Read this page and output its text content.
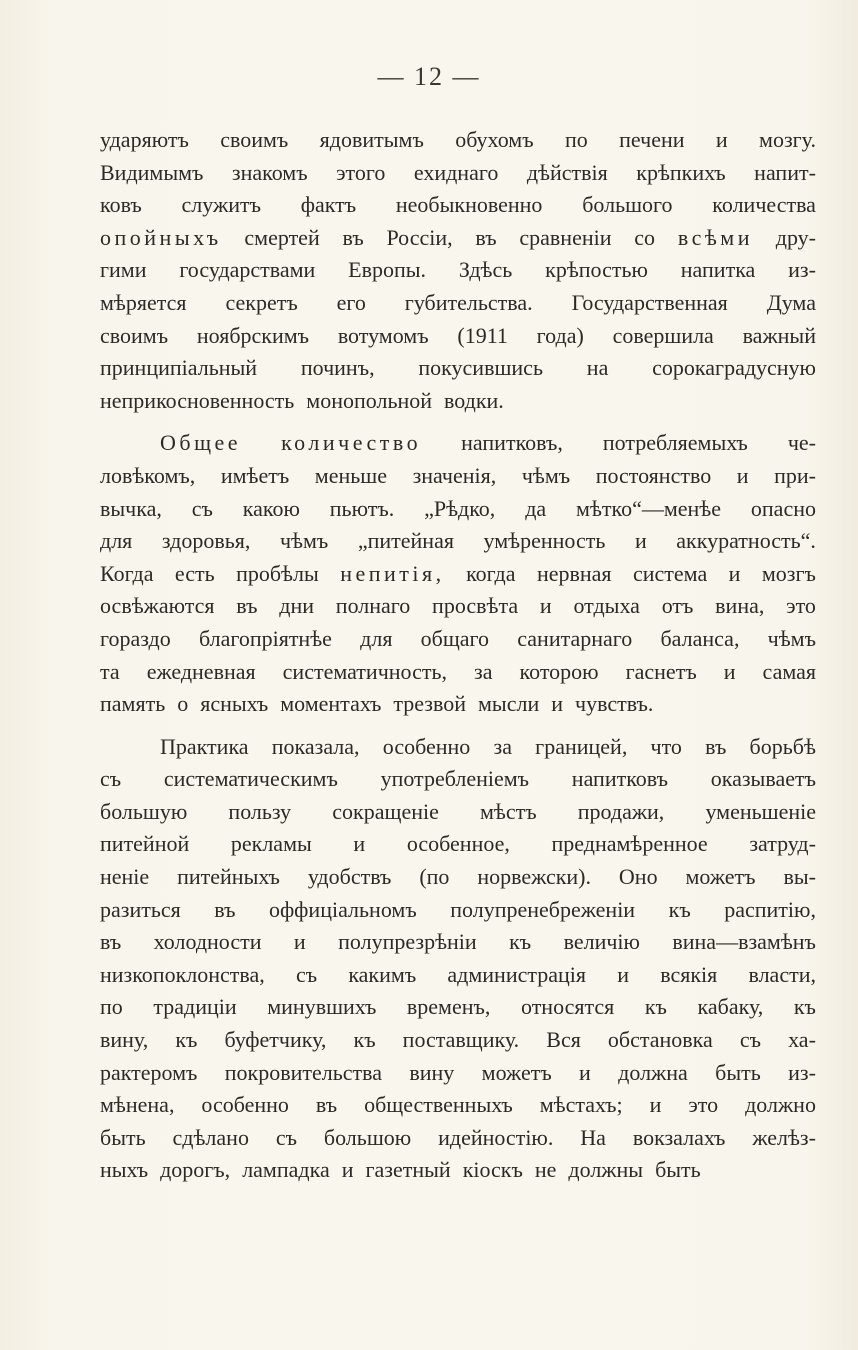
— 12 —
ударяютъ своимъ ядовитымъ обухомъ по печени и мозгу.
Видимымъ знакомъ этого ехиднаго дѣйствія крѣпкихъ напит-
ковъ служитъ фактъ необыкновенно большого количества
опойныхъ смертей въ Россіи, въ сравненіи со всѣми дру-
гими государствами Европы. Здѣсь крѣпостью напитка из-
мѣряется секретъ его губительства. Государственная Дума
своимъ ноябрскимъ вотумомъ (1911 года) совершила важный
принципіальный починъ, покусившись на сорокаградусную
неприкосновенность монопольной водки.
Общее количество напитковъ, потребляемыхъ че-
ловѣкомъ, имѣетъ меньше значенія, чѣмъ постоянство и при-
вычка, съ какою пьютъ. „Рѣдко, да мѣтко“—менѣе опасно
для здоровья, чѣмъ „питейная умѣренность и аккуратность“.
Когда есть пробѣлы непитія, когда нервная система и мозгъ
освѣжаются въ дни полнаго просвѣта и отдыха отъ вина, это
гораздо благопріятнѣе для общаго санитарнаго баланса, чѣмъ
та ежедневная систематичность, за которою гаснетъ и самая
память о ясныхъ моментахъ трезвой мысли и чувствъ.
Практика показала, особенно за границей, что въ борьбѣ
съ систематическимъ употребленіемъ напитковъ оказываетъ
большую пользу сокращеніе мѣстъ продажи, уменьшеніе
питейной рекламы и особенное, преднамѣренное затруд-
неніе питейныхъ удобствъ (по норвежски). Оно можетъ вы-
разиться въ оффиціальномъ полупренебреженіи къ распитію,
въ холодности и полупрезрѣніи къ величію вина—взамѣнъ
низкопоклонства, съ какимъ администрація и всякія власти,
по традиціи минувшихъ временъ, относятся къ кабаку, къ
вину, къ буфетчику, къ поставщику. Вся обстановка съ ха-
рактеромъ покровительства вину можетъ и должна быть из-
мѣнена, особенно въ общественныхъ мѣстахъ; и это должно
быть сдѣлано съ большою идейностію. На вокзалахъ желѣз-
ныхъ дорогъ, лампадка и газетный кіоскъ не должны быть
